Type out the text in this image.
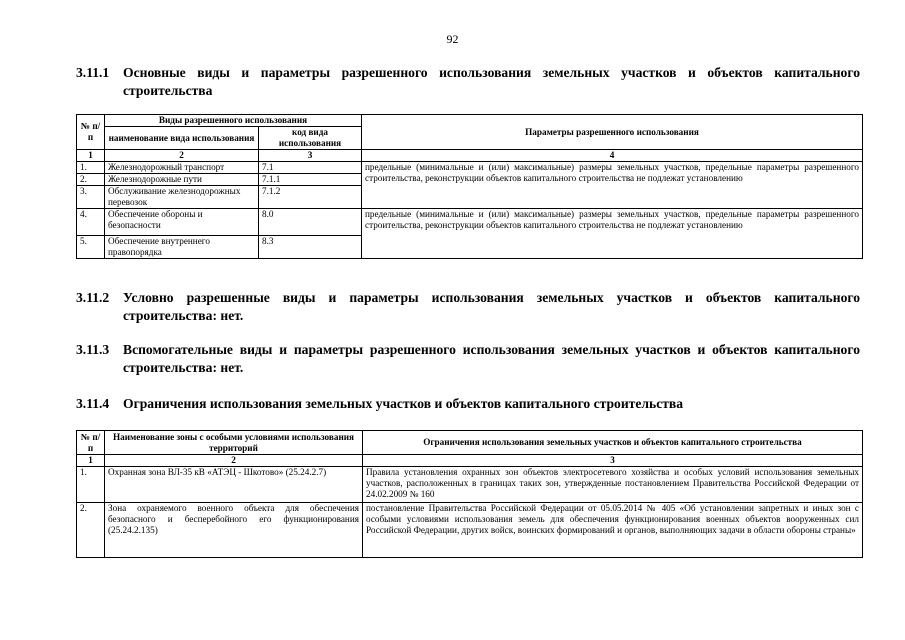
92
3.11.1 Основные виды и параметры разрешенного использования земельных участков и объектов капитального строительства
№ п/п	Виды разрешенного использования		Параметры разрешенного использования
	наименование вида использования	код вида использования	
1	2	3	4
1.	Железнодорожный транспорт	7.1	предельные (минимальные и (или) максимальные) размеры земельных участков, предельные параметры разрешенного строительства, реконструкции объектов капитального строительства не подлежат установлению
2.	Железнодорожные пути	7.1.1	
3.	Обслуживание железнодорожных перевозок	7.1.2	
4.	Обеспечение обороны и безопасности	8.0	предельные (минимальные и (или) максимальные) размеры земельных участков, предельные параметры разрешенного строительства, реконструкции объектов капитального строительства не подлежат установлению
5.	Обеспечение внутреннего правопорядка	8.3	
3.11.2 Условно разрешенные виды и параметры использования земельных участков и объектов капитального строительства: нет.
3.11.3 Вспомогательные виды и параметры разрешенного использования земельных участков и объектов капитального строительства: нет.
3.11.4 Ограничения использования земельных участков и объектов капитального строительства
№ п/п	Наименование зоны с особыми условиями использования территорий	Ограничения использования земельных участков и объектов капитального строительства
1	2	3
1.	Охранная зона ВЛ-35 кВ «АТЭЦ - Шкотово» (25.24.2.7)	Правила установления охранных зон объектов электросетевого хозяйства и особых условий использования земельных участков, расположенных в границах таких зон, утвержденные постановлением Правительства Российской Федерации от 24.02.2009 № 160
2.	Зона охраняемого военного объекта для обеспечения безопасного и бесперебойного его функционирования (25.24.2.135)	постановление Правительства Российской Федерации от 05.05.2014 № 405 «Об установлении запретных и иных зон с особыми условиями использования земель для обеспечения функционирования военных объектов вооруженных сил Российской Федерации, других войск, воинских формирований и органов, выполняющих задачи в области обороны страны»
